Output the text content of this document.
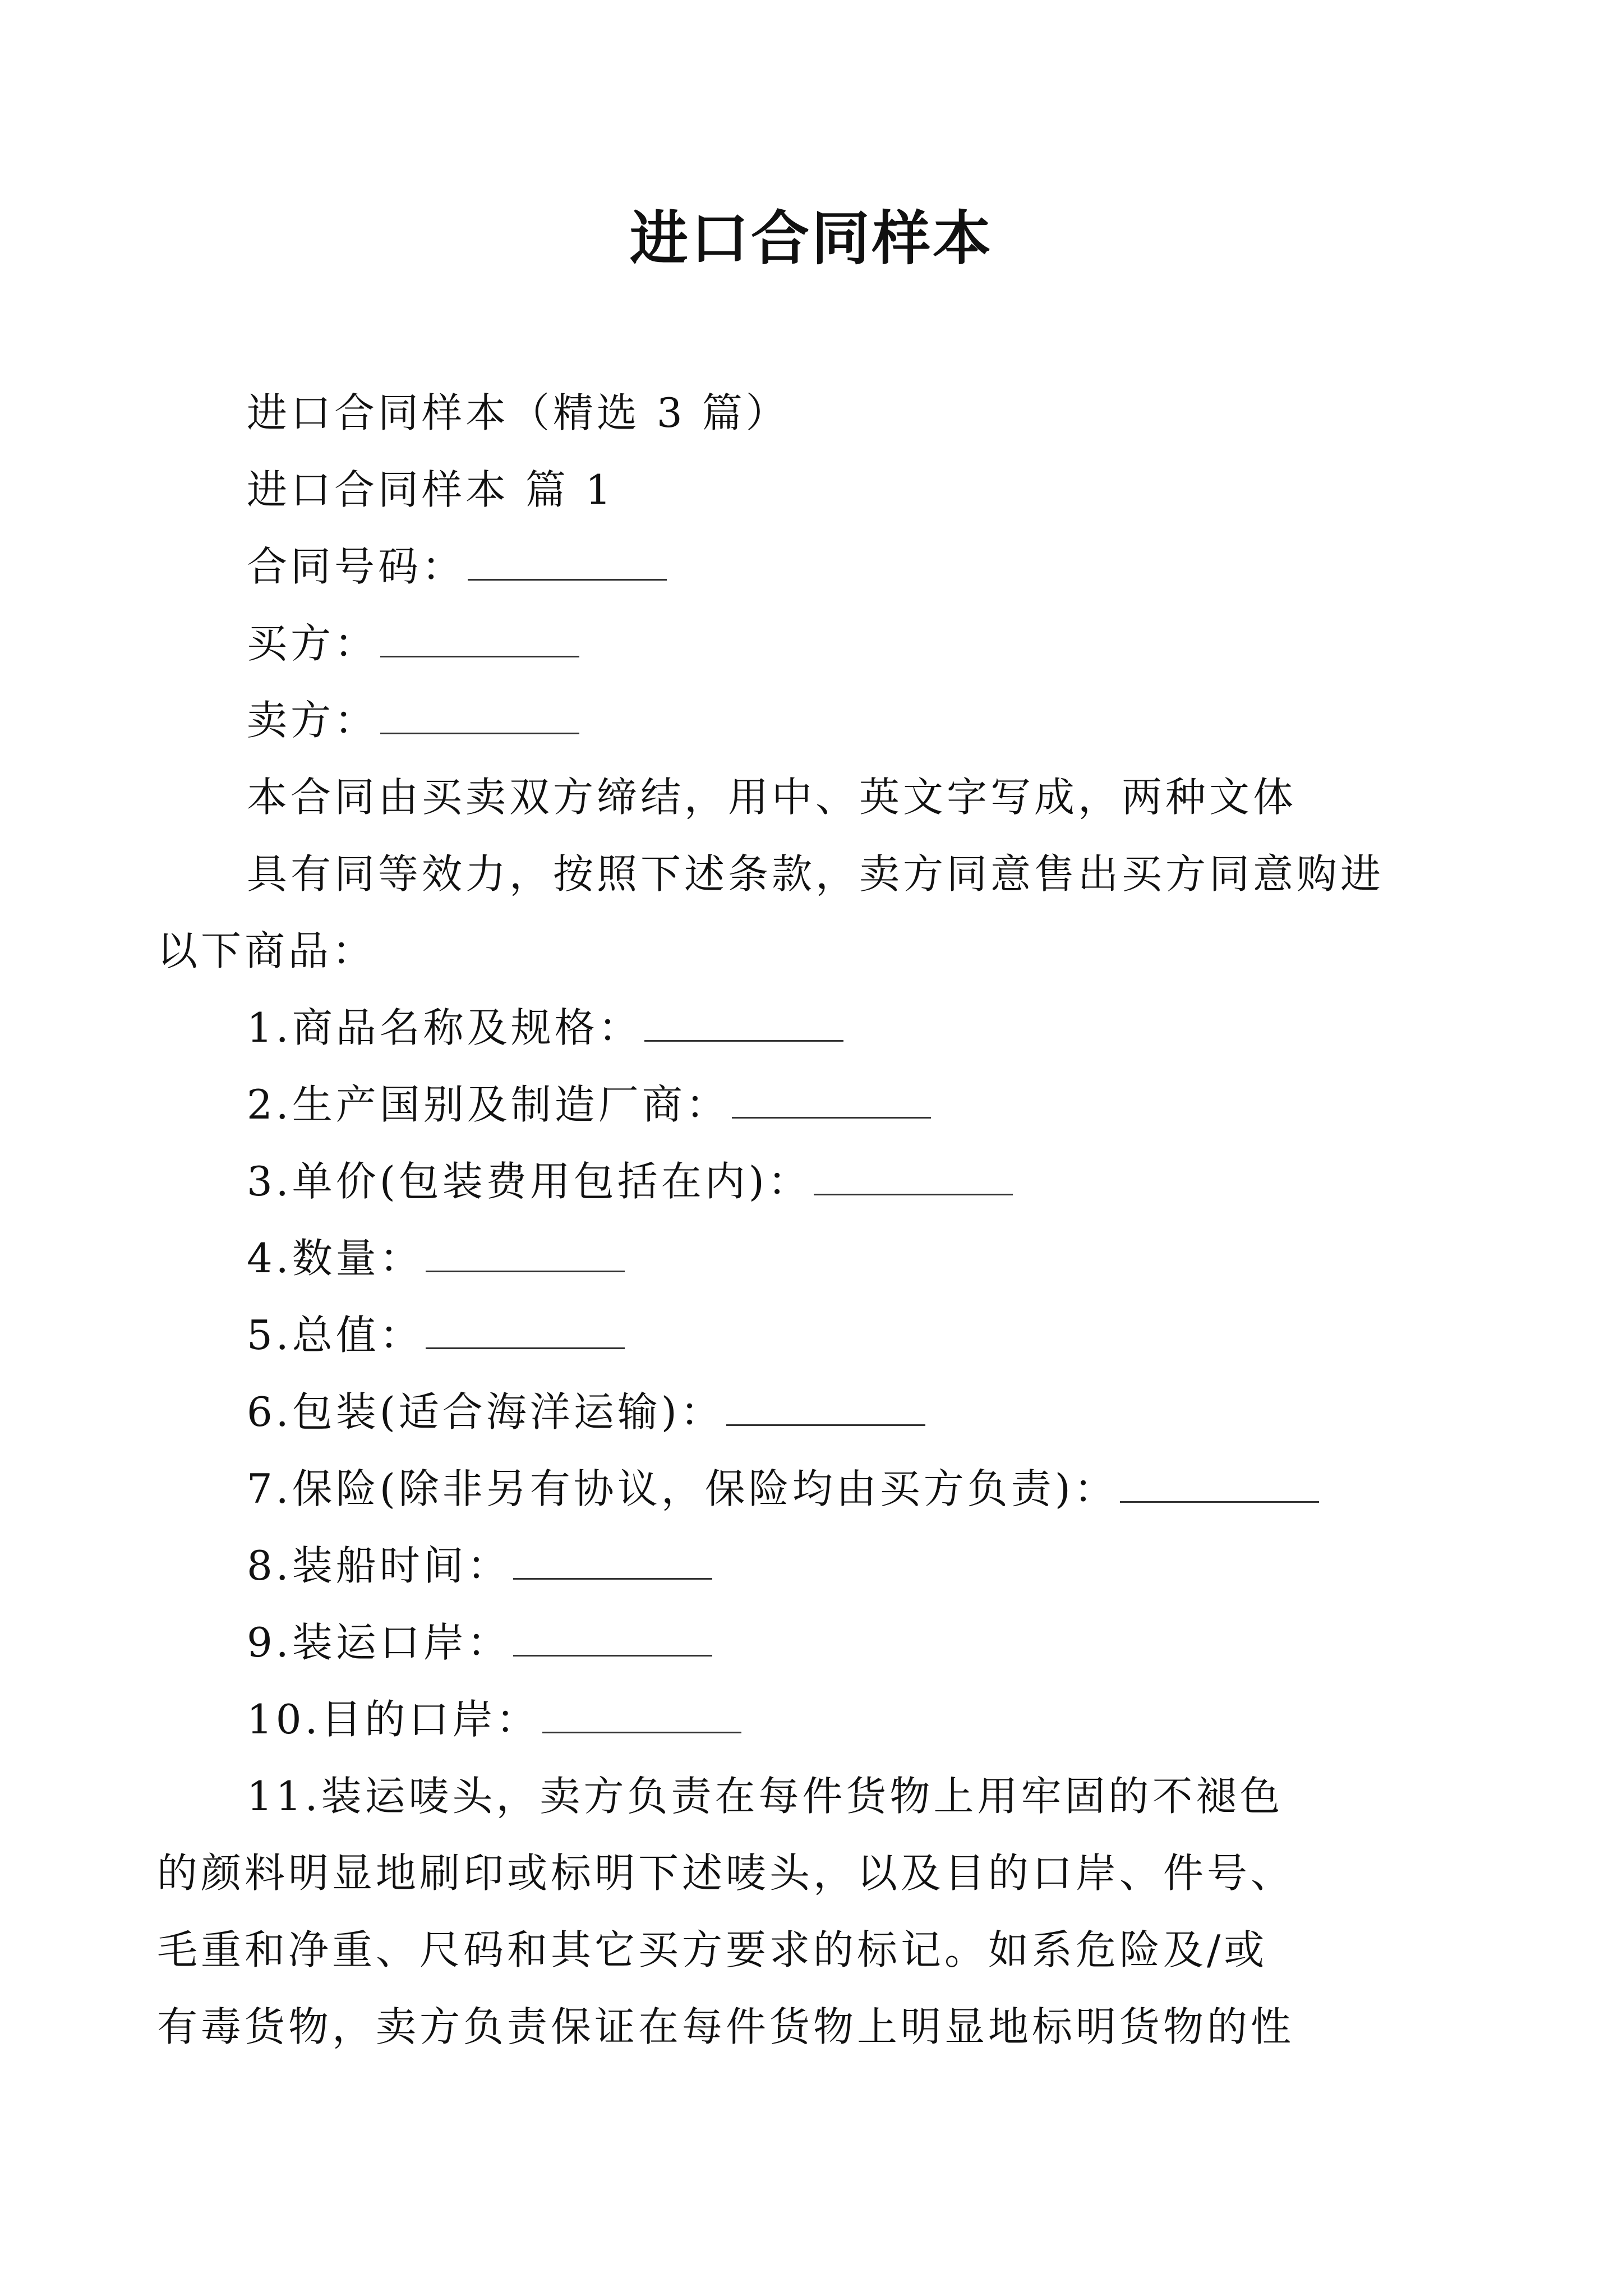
进口合同样本

进口合同样本（精选 3 篇）

进口合同样本 篇 1

合同号码：

买方：

卖方：

本合同由买卖双方缔结，用中、英文字写成，两种文体

具有同等效力，按照下述条款，卖方同意售出买方同意购进

以下商品：

1.商品名称及规格：

2.生产国别及制造厂商：

3.单价(包装费用包括在内)：

4.数量：

5.总值：

6.包装(适合海洋运输)：

7.保险(除非另有协议，保险均由买方负责)：

8.装船时间：

9.装运口岸：

10.目的口岸：

11.装运唛头，卖方负责在每件货物上用牢固的不褪色

的颜料明显地刷印或标明下述唛头，以及目的口岸、件号、

毛重和净重、尺码和其它买方要求的标记。如系危险及/或

有毒货物，卖方负责保证在每件货物上明显地标明货物的性
